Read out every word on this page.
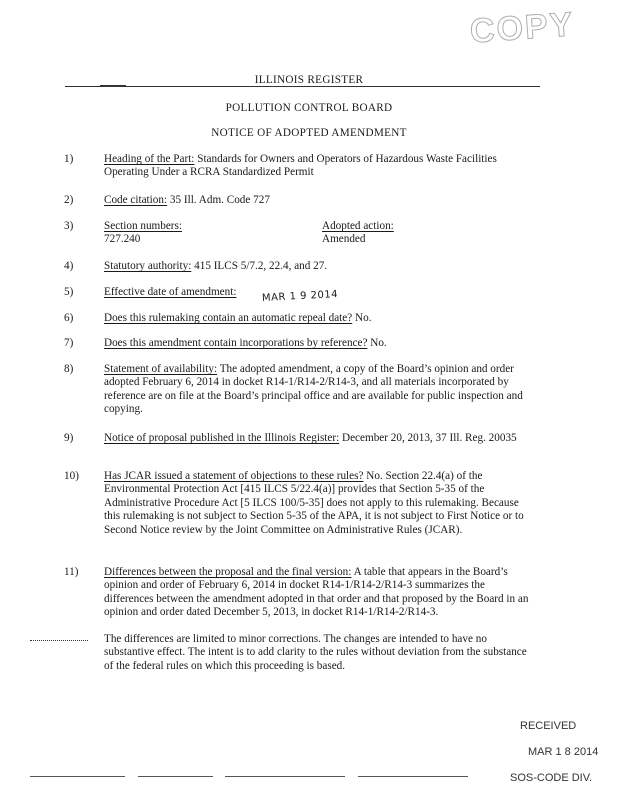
COPY
ILLINOIS REGISTER
POLLUTION CONTROL BOARD
NOTICE OF ADOPTED AMENDMENT
1)	Heading of the Part: Standards for Owners and Operators of Hazardous Waste Facilities Operating Under a RCRA Standardized Permit
2)	Code citation: 35 Ill. Adm. Code 727
3)	Section numbers:
727.240
Adopted action:
Amended
4)	Statutory authority: 415 ILCS 5/7.2, 22.4, and 27.
5)	Effective date of amendment:	MAR 1 9 2014
6)	Does this rulemaking contain an automatic repeal date? No.
7)	Does this amendment contain incorporations by reference? No.
8)	Statement of availability: The adopted amendment, a copy of the Board’s opinion and order adopted February 6, 2014 in docket R14-1/R14-2/R14-3, and all materials incorporated by reference are on file at the Board’s principal office and are available for public inspection and copying.
9)	Notice of proposal published in the Illinois Register: December 20, 2013, 37 Ill. Reg. 20035
10)	Has JCAR issued a statement of objections to these rules? No. Section 22.4(a) of the Environmental Protection Act [415 ILCS 5/22.4(a)] provides that Section 5-35 of the Administrative Procedure Act [5 ILCS 100/5-35] does not apply to this rulemaking. Because this rulemaking is not subject to Section 5-35 of the APA, it is not subject to First Notice or to Second Notice review by the Joint Committee on Administrative Rules (JCAR).
11)	Differences between the proposal and the final version: A table that appears in the Board’s opinion and order of February 6, 2014 in docket R14-1/R14-2/R14-3 summarizes the differences between the amendment adopted in that order and that proposed by the Board in an opinion and order dated December 5, 2013, in docket R14-1/R14-2/R14-3.
The differences are limited to minor corrections. The changes are intended to have no substantive effect. The intent is to add clarity to the rules without deviation from the substance of the federal rules on which this proceeding is based.
RECEIVED
MAR 1 8 2014
SOS-CODE DIV.
